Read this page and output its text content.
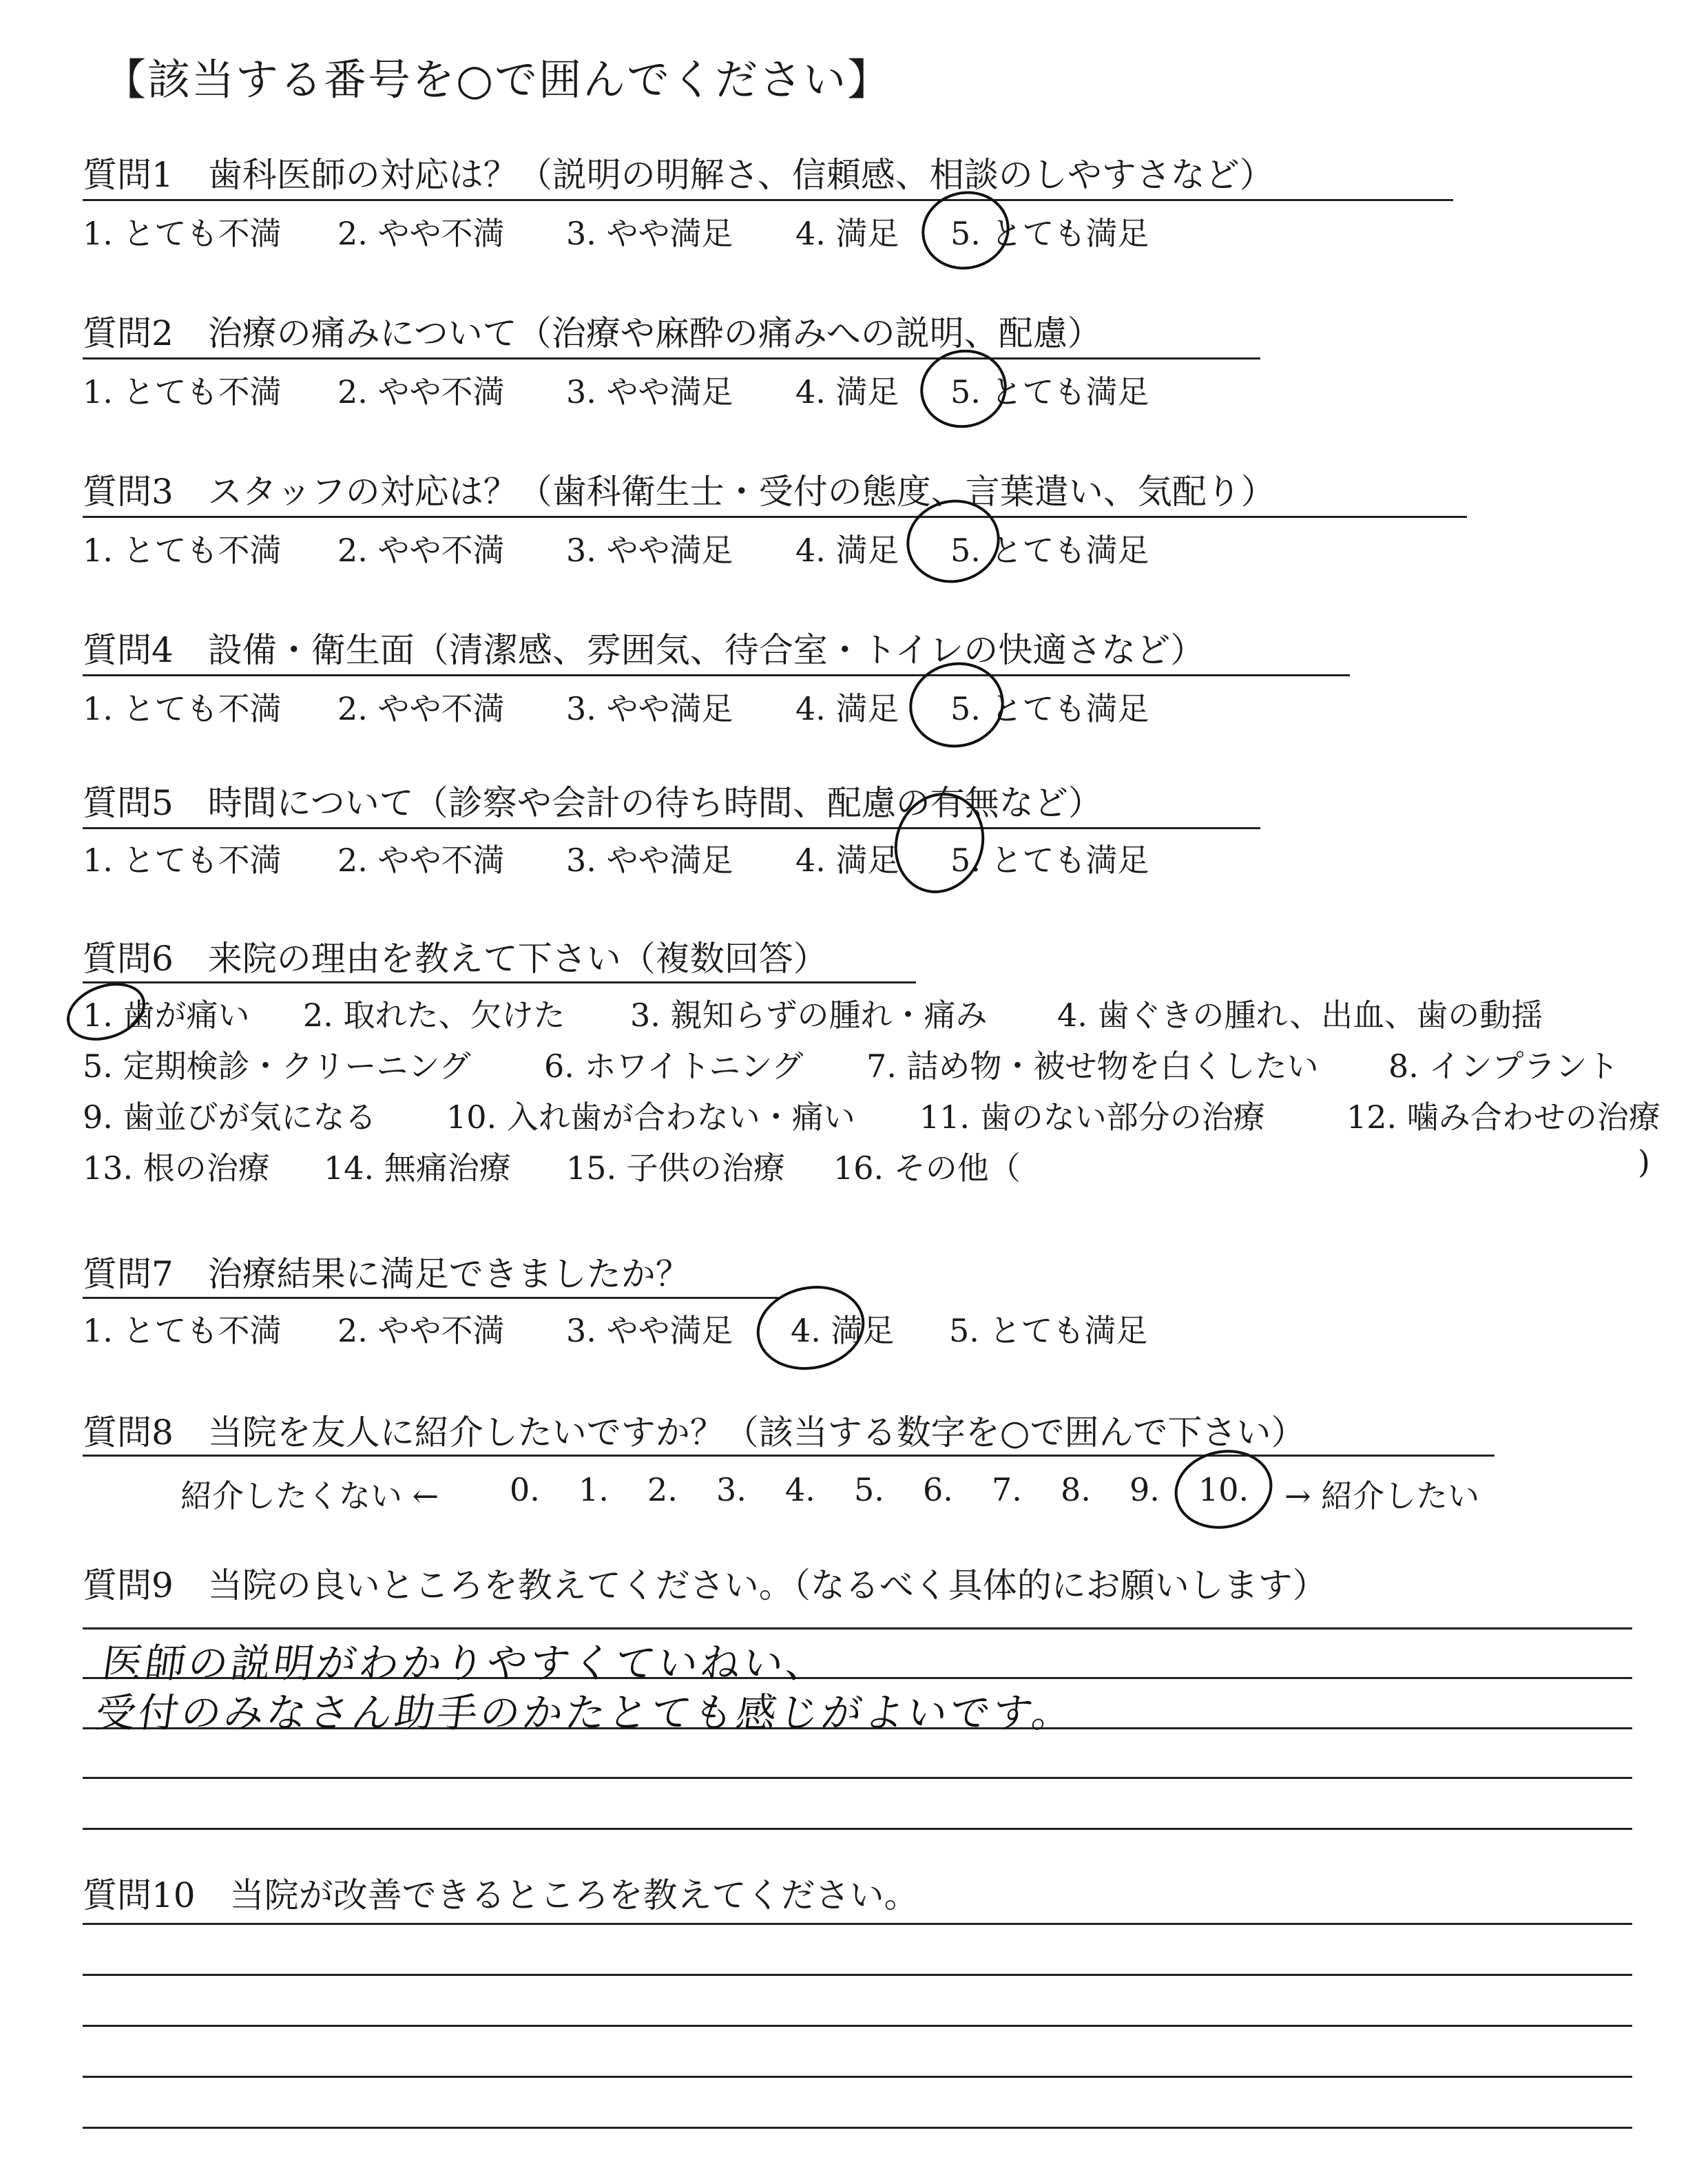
【該当する番号を○で囲んでください】
質問1　歯科医師の対応は？（説明の明解さ、信頼感、相談のしやすさなど）
1. とても不満 2. やや不満 3. やや満足 4. 満足 5. とても満足
質問2　治療の痛みについて（治療や麻酔の痛みへの説明、配慮）
1. とても不満 2. やや不満 3. やや満足 4. 満足 5. とても満足
質問3　スタッフの対応は？（歯科衛生士・受付の態度、言葉遣い、気配り）
1. とても不満 2. やや不満 3. やや満足 4. 満足 5. とても満足
質問4　設備・衛生面（清潔感、雰囲気、待合室・トイレの快適さなど）
1. とても不満 2. やや不満 3. やや満足 4. 満足 5. とても満足
質問5　時間について（診察や会計の待ち時間、配慮の有無など）
1. とても不満 2. やや不満 3. やや満足 4. 満足 5. とても満足
質問6　来院の理由を教えて下さい（複数回答）
1. 歯が痛い 2. 取れた、欠けた 3. 親知らずの腫れ・痛み 4. 歯ぐきの腫れ、出血、歯の動揺
5. 定期検診・クリーニング 6. ホワイトニング 7. 詰め物・被せ物を白くしたい 8. インプラント
9. 歯並びが気になる 10. 入れ歯が合わない・痛い 11. 歯のない部分の治療	12. 噛み合わせの治療
13. 根の治療 14. 無痛治療 15. 子供の治療 16. その他（	)
質問7　治療結果に満足できましたか？
1. とても不満 2. やや不満 3. やや満足 4. 満足 5. とても満足
質問8　当院を友人に紹介したいですか？（該当する数字を○で囲んで下さい）
紹介したくない ← 0. 1. 2. 3. 4. 5. 6. 7. 8. 9. 10. → 紹介したい
質問9　当院の良いところを教えてください。（なるべく具体的にお願いします）
医師の説明がわかりやすくていねい、
受付のみなさん助手のかたとても感じがよいです。
質問10　当院が改善できるところを教えてください。
